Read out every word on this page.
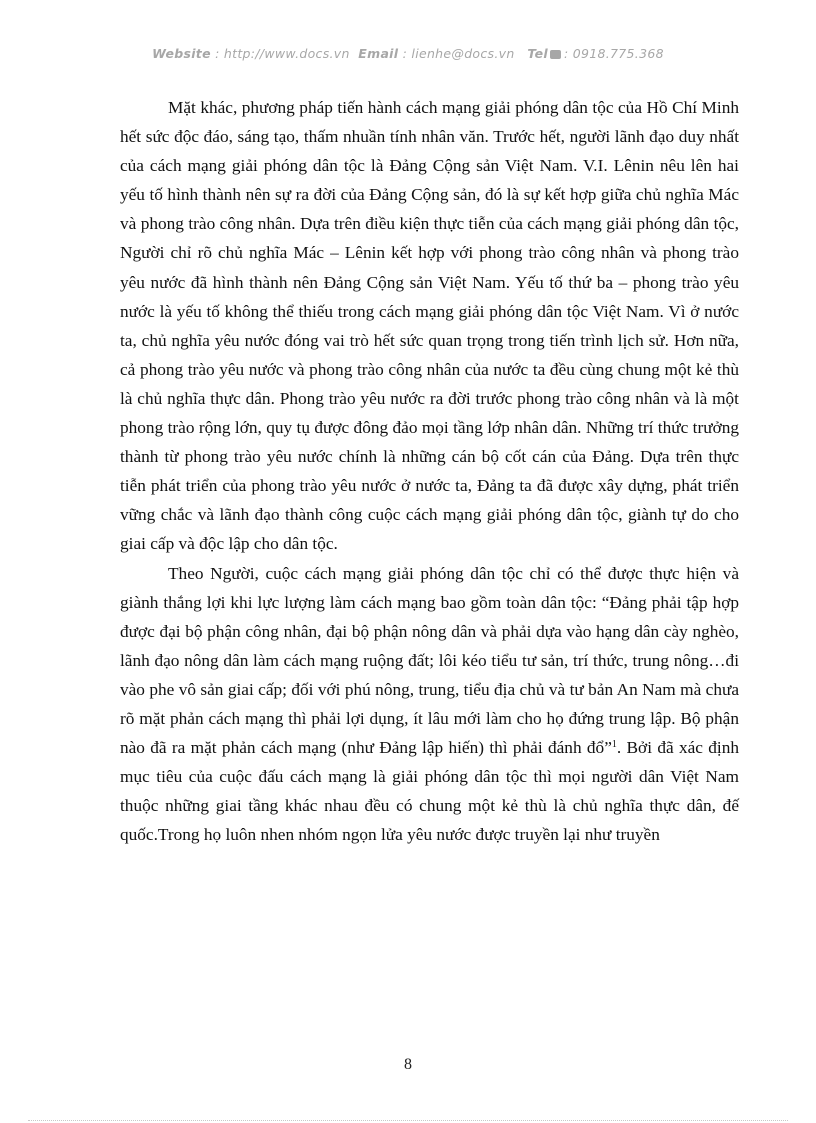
Website : http://www.docs.vn Email : lienhe@docs.vn Tel : 0918.775.368

Mặt khác, phương pháp tiến hành cách mạng giải phóng dân tộc của Hồ Chí Minh hết sức độc đáo, sáng tạo, thấm nhuần tính nhân văn. Trước hết, người lãnh đạo duy nhất của cách mạng giải phóng dân tộc là Đảng Cộng sản Việt Nam. V.I. Lênin nêu lên hai yếu tố hình thành nên sự ra đời của Đảng Cộng sản, đó là sự kết hợp giữa chủ nghĩa Mác và phong trào công nhân. Dựa trên điều kiện thực tiễn của cách mạng giải phóng dân tộc, Người chỉ rõ chủ nghĩa Mác – Lênin kết hợp với phong trào công nhân và phong trào yêu nước đã hình thành nên Đảng Cộng sản Việt Nam. Yếu tố thứ ba – phong trào yêu nước là yếu tố không thể thiếu trong cách mạng giải phóng dân tộc Việt Nam. Vì ở nước ta, chủ nghĩa yêu nước đóng vai trò hết sức quan trọng trong tiến trình lịch sử. Hơn nữa, cả phong trào yêu nước và phong trào công nhân của nước ta đều cùng chung một kẻ thù là chủ nghĩa thực dân. Phong trào yêu nước ra đời trước phong trào công nhân và là một phong trào rộng lớn, quy tụ được đông đảo mọi tầng lớp nhân dân. Những trí thức trưởng thành từ phong trào yêu nước chính là những cán bộ cốt cán của Đảng. Dựa trên thực tiễn phát triển của phong trào yêu nước ở nước ta, Đảng ta đã được xây dựng, phát triển vững chắc và lãnh đạo thành công cuộc cách mạng giải phóng dân tộc, giành tự do cho giai cấp và độc lập cho dân tộc.

Theo Người, cuộc cách mạng giải phóng dân tộc chỉ có thể được thực hiện và giành thắng lợi khi lực lượng làm cách mạng bao gồm toàn dân tộc: “Đảng phải tập hợp được đại bộ phận công nhân, đại bộ phận nông dân và phải dựa vào hạng dân cày nghèo, lãnh đạo nông dân làm cách mạng ruộng đất; lôi kéo tiểu tư sản, trí thức, trung nông…đi vào phe vô sản giai cấp; đối với phú nông, trung, tiểu địa chủ và tư bản An Nam mà chưa rõ mặt phản cách mạng thì phải lợi dụng, ít lâu mới làm cho họ đứng trung lập. Bộ phận nào đã ra mặt phản cách mạng (như Đảng lập hiến) thì phải đánh đổ”$^1$. Bởi đã xác định mục tiêu của cuộc đấu cách mạng là giải phóng dân tộc thì mọi người dân Việt Nam thuộc những giai tầng khác nhau đều có chung một kẻ thù là chủ nghĩa thực dân, đế quốc.Trong họ luôn nhen nhóm ngọn lửa yêu nước được truyền lại như truyền

8
